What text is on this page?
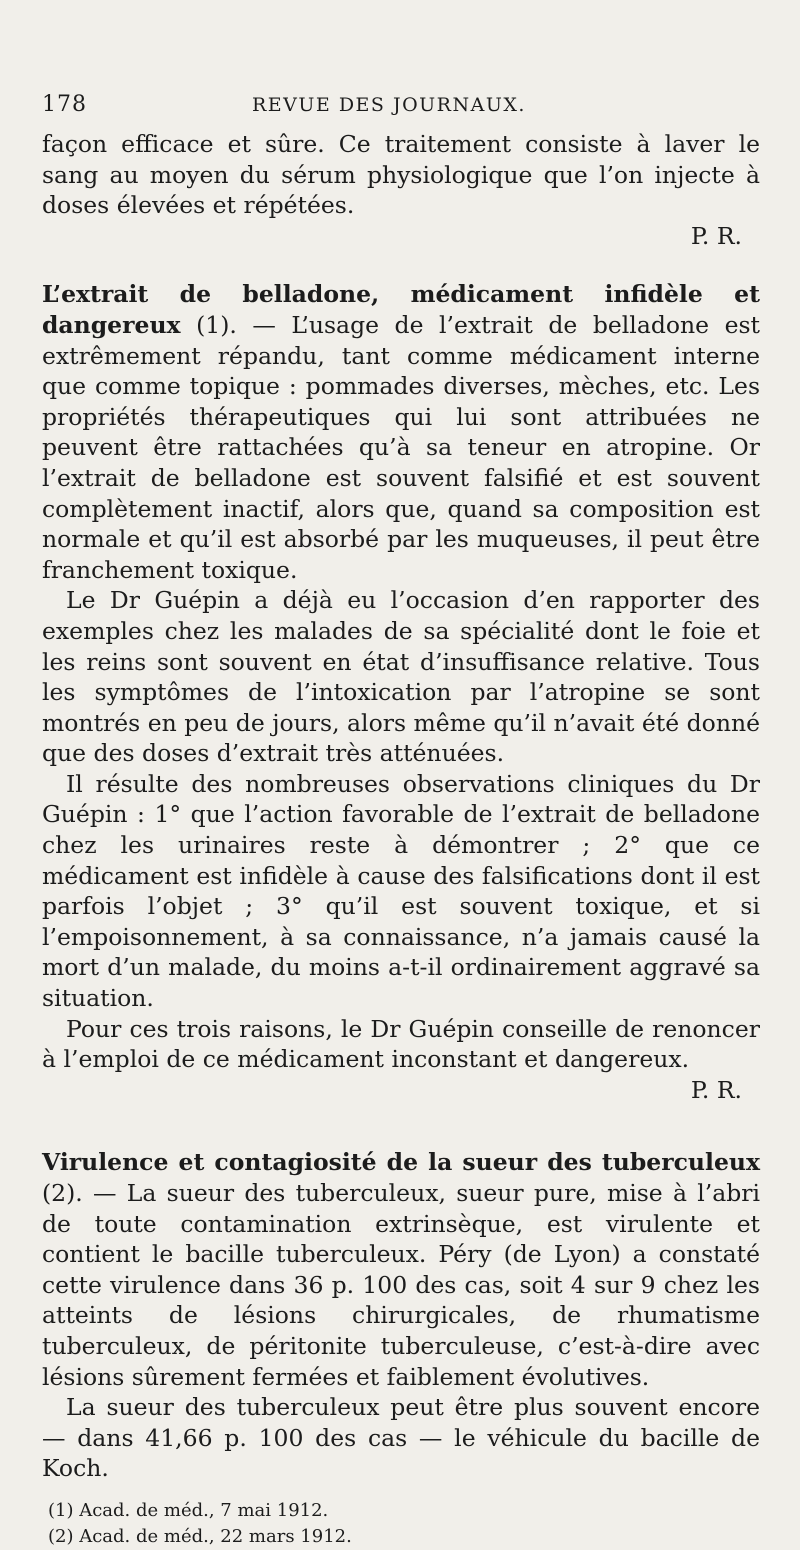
178	REVUE DES JOURNAUX.

façon efficace et sûre. Ce traitement consiste à laver le sang au moyen du sérum physiologique que l’on injecte à doses élevées et répétées.

P. R.

L’extrait de belladone, médicament infidèle et dangereux (1). — L’usage de l’extrait de belladone est extrêmement répandu, tant comme médicament interne que comme topique : pommades diverses, mèches, etc. Les propriétés thérapeutiques qui lui sont attribuées ne peuvent être rattachées qu’à sa teneur en atropine. Or l’extrait de belladone est souvent falsifié et est souvent complètement inactif, alors que, quand sa composition est normale et qu’il est absorbé par les muqueuses, il peut être franchement toxique.

Le Dr Guépin a déjà eu l’occasion d’en rapporter des exemples chez les malades de sa spécialité dont le foie et les reins sont souvent en état d’insuffisance relative. Tous les symptômes de l’intoxication par l’atropine se sont montrés en peu de jours, alors même qu’il n’avait été donné que des doses d’extrait très atténuées.

Il résulte des nombreuses observations cliniques du Dr Guépin : 1° que l’action favorable de l’extrait de belladone chez les urinaires reste à démontrer ; 2° que ce médicament est infidèle à cause des falsifications dont il est parfois l’objet ; 3° qu’il est souvent toxique, et si l’empoisonnement, à sa connaissance, n’a jamais causé la mort d’un malade, du moins a-t-il ordinairement aggravé sa situation.

Pour ces trois raisons, le Dr Guépin conseille de renoncer à l’emploi de ce médicament inconstant et dangereux.

P. R.

Virulence et contagiosité de la sueur des tuberculeux (2). — La sueur des tuberculeux, sueur pure, mise à l’abri de toute contamination extrinsèque, est virulente et contient le bacille tuberculeux. Péry (de Lyon) a constaté cette virulence dans 36 p. 100 des cas, soit 4 sur 9 chez les atteints de lésions chirurgicales, de rhumatisme tuberculeux, de péritonite tuberculeuse, c’est-à-dire avec lésions sûrement fermées et faiblement évolutives.

La sueur des tuberculeux peut être plus souvent encore — dans 41,66 p. 100 des cas — le véhicule du bacille de Koch.

(1) Acad. de méd., 7 mai 1912.
(2) Acad. de méd., 22 mars 1912.
